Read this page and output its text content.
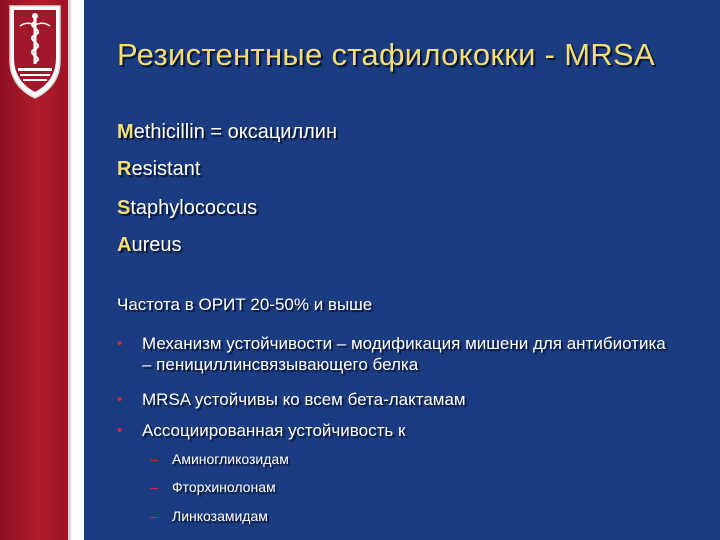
Резистентные стафилококки - MRSA
Methicillin = оксациллин
Resistant
Staphylococcus
Aureus
Частота в ОРИТ 20-50% и выше
• Механизм устойчивости – модификация мишени для антибиотика – пенициллинсвязывающего белка
• MRSA устойчивы ко всем бета-лактамам
• Ассоциированная устойчивость к
– Аминогликозидам
– Фторхинолонам
– Линкозамидам
